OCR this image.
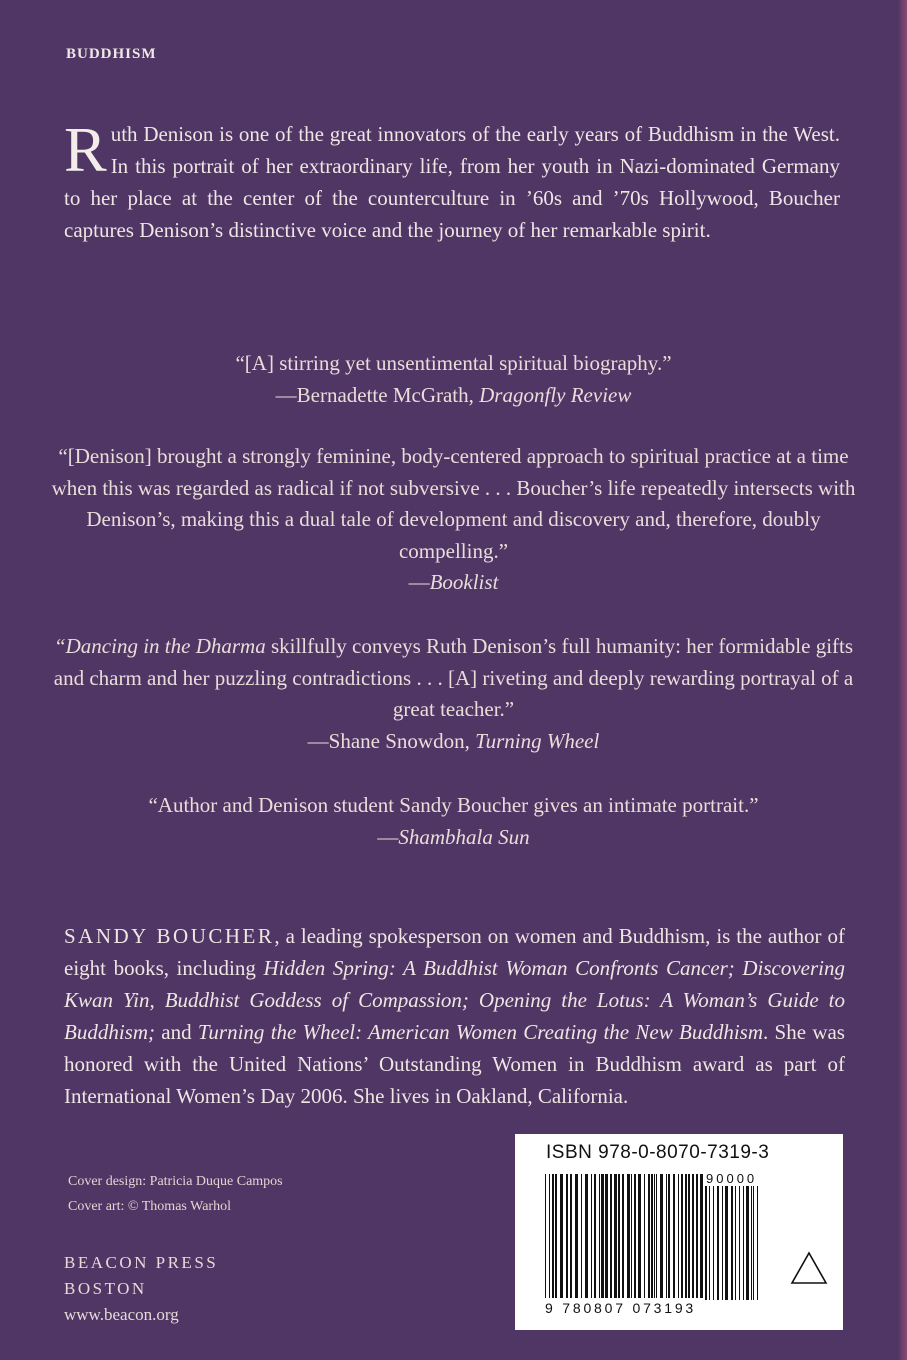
BUDDHISM
Ruth Denison is one of the great innovators of the early years of Buddhism in the West. In this portrait of her extraordinary life, from her youth in Nazi-dominated Germany to her place at the center of the counterculture in ’60s and ’70s Hollywood, Boucher captures Denison’s distinctive voice and the journey of her remarkable spirit.
“[A] stirring yet unsentimental spiritual biography.”
—Bernadette McGrath, Dragonfly Review
“[Denison] brought a strongly feminine, body-centered approach to spiritual practice at a time when this was regarded as radical if not subversive . . . Boucher’s life repeatedly intersects with Denison’s, making this a dual tale of development and discovery and, therefore, doubly compelling.”
—Booklist
“Dancing in the Dharma skillfully conveys Ruth Denison’s full humanity: her formidable gifts and charm and her puzzling contradictions . . . [A] riveting and deeply rewarding portrayal of a great teacher.”
—Shane Snowdon, Turning Wheel
“Author and Denison student Sandy Boucher gives an intimate portrait.”
—Shambhala Sun
SANDY BOUCHER, a leading spokesperson on women and Buddhism, is the author of eight books, including Hidden Spring: A Buddhist Woman Confronts Cancer; Discovering Kwan Yin, Buddhist Goddess of Compassion; Opening the Lotus: A Woman’s Guide to Buddhism; and Turning the Wheel: American Women Creating the New Buddhism. She was honored with the United Nations’ Outstanding Women in Buddhism award as part of International Women’s Day 2006. She lives in Oakland, California.
Cover design: Patricia Duque Campos
Cover art: © Thomas Warhol
BEACON PRESS
BOSTON
www.beacon.org
ISBN 978-0-8070-7319-3
90000
9 780807 073193
